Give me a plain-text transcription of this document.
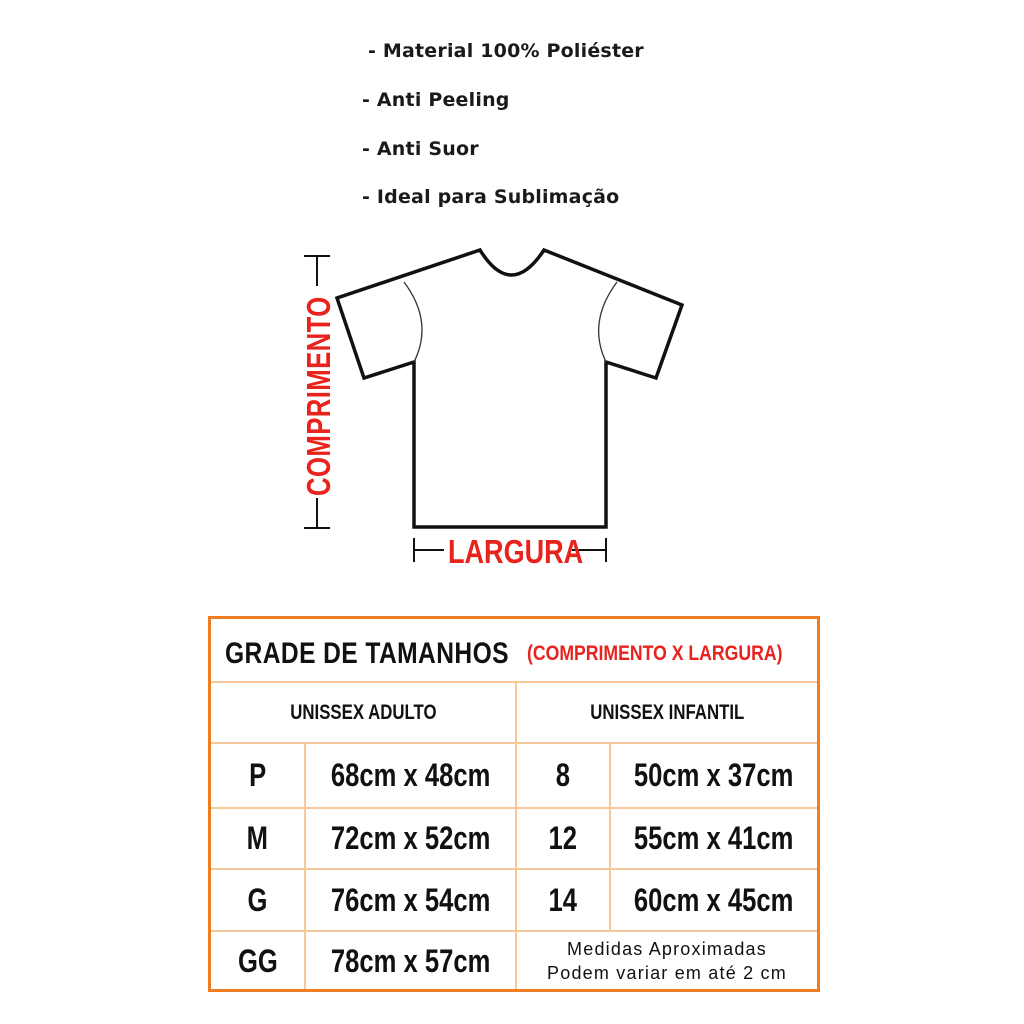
- Material 100% Poliéster
- Anti Peeling
- Anti Suor
- Ideal para Sublimação
COMPRIMENTO
LARGURA
GRADE DE TAMANHOS (COMPRIMENTO X LARGURA)
UNISSEX ADULTO	UNISSEX INFANTIL
P 68cm x 48cm
M 72cm x 52cm
G 76cm x 54cm
GG 78cm x 57cm
8 50cm x 37cm
12 55cm x 41cm
14 60cm x 45cm
Medidas Aproximadas
Podem variar em até 2 cm
